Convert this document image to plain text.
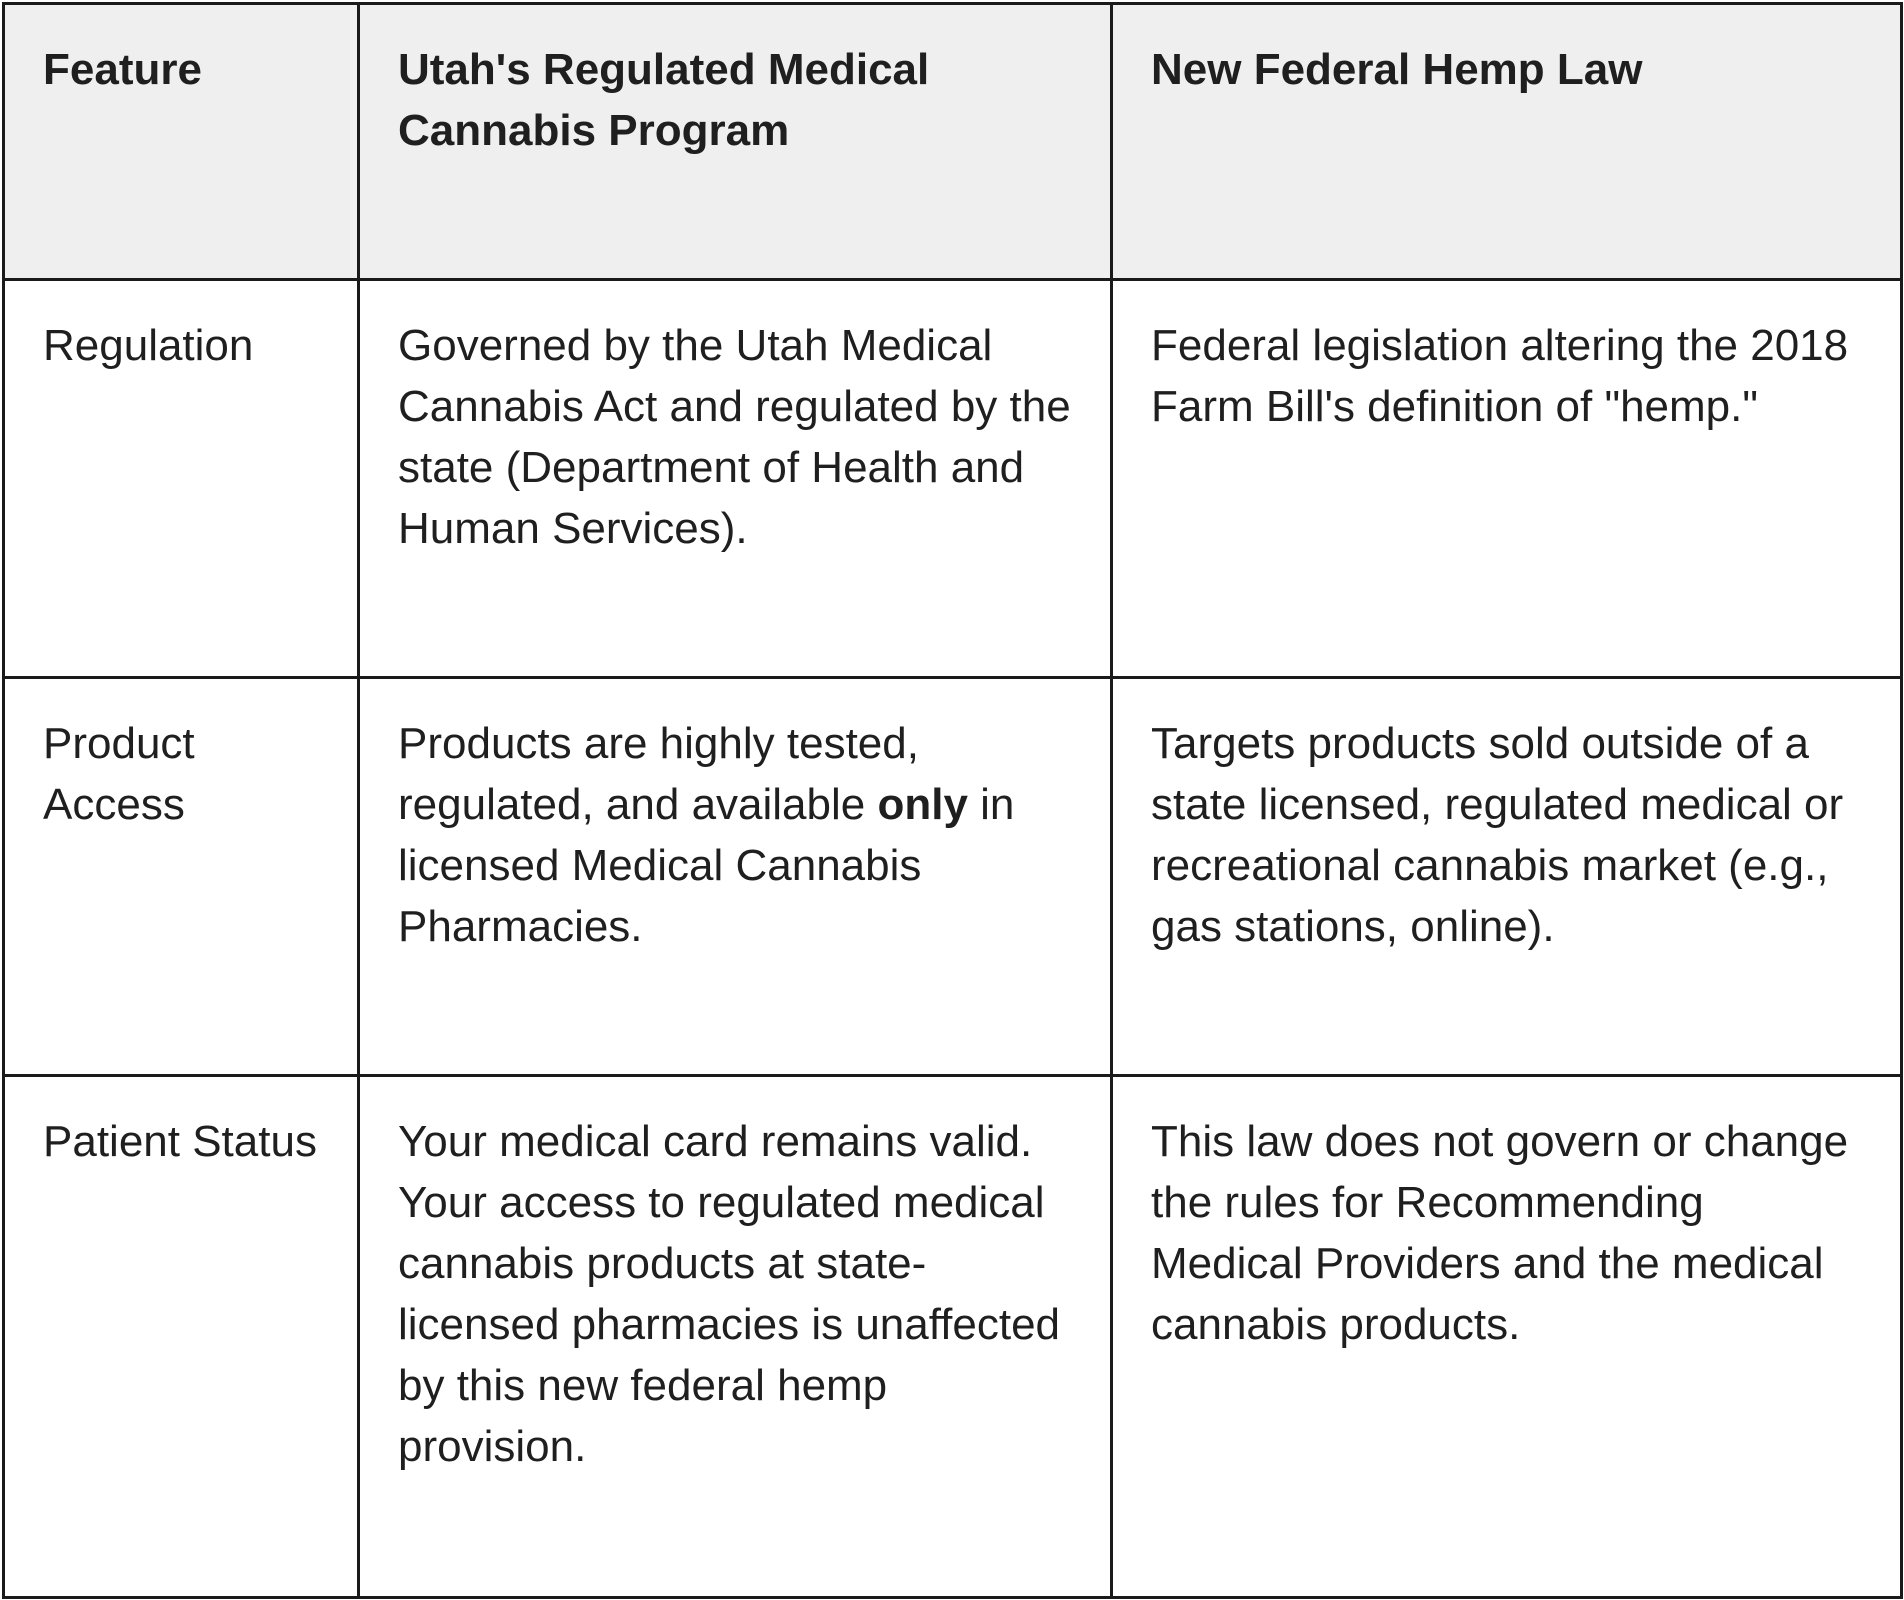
Feature	Utah's Regulated Medical Cannabis Program	New Federal Hemp Law
Regulation	Governed by the Utah Medical Cannabis Act and regulated by the state (Department of Health and Human Services).	Federal legislation altering the 2018 Farm Bill's definition of "hemp."
Product Access	Products are highly tested, regulated, and available only in licensed Medical Cannabis Pharmacies.	Targets products sold outside of a state licensed, regulated medical or recreational cannabis market (e.g., gas stations, online).
Patient Status	Your medical card remains valid. Your access to regulated medical cannabis products at state-licensed pharmacies is unaffected by this new federal hemp provision.	This law does not govern or change the rules for Recommending Medical Providers and the medical cannabis products.
